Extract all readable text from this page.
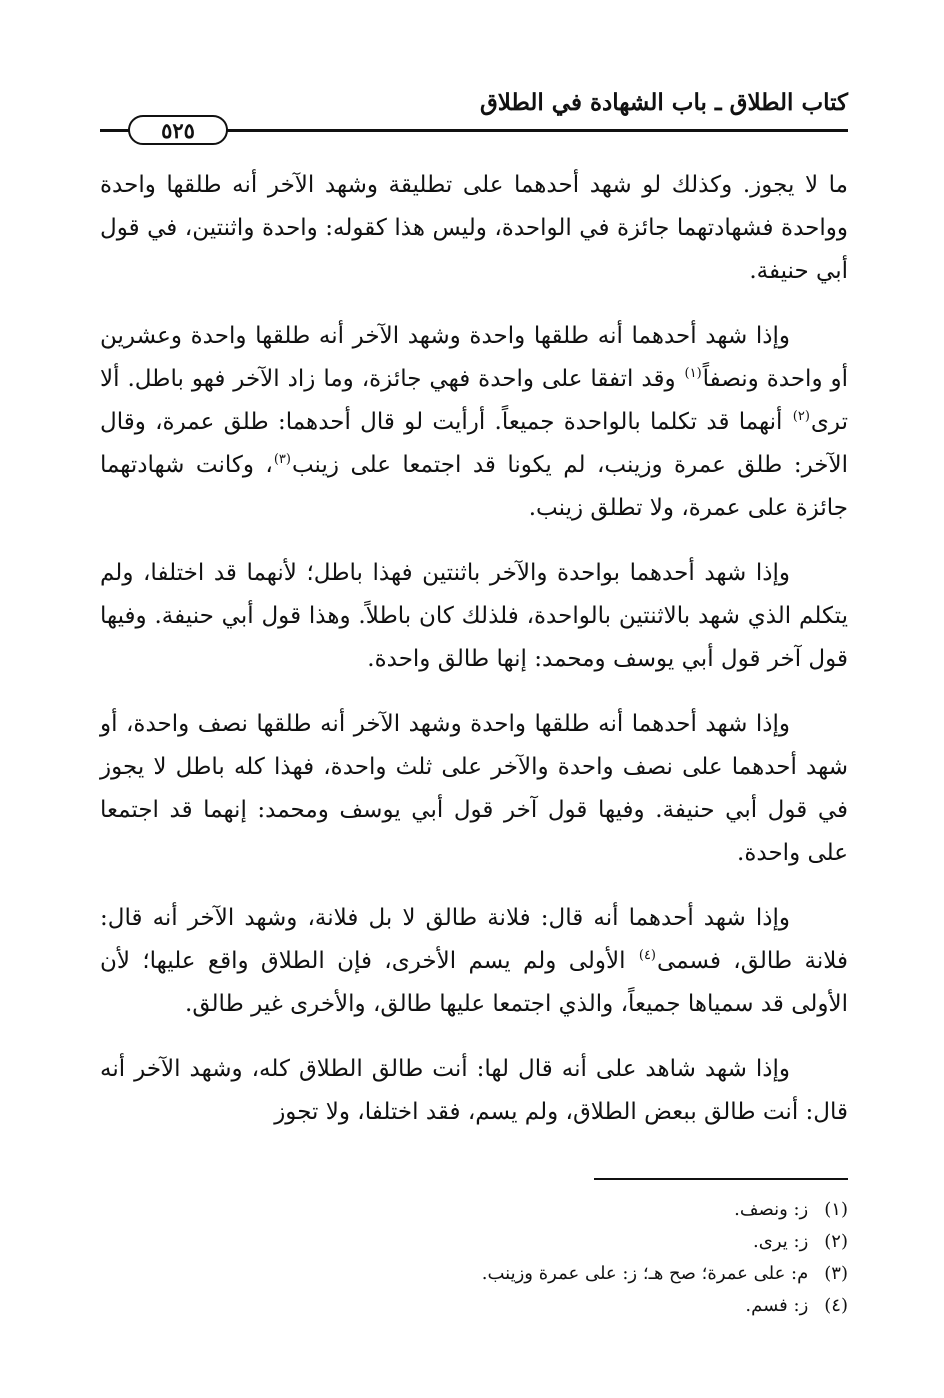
كتاب الطلاق ـ باب الشهادة في الطلاق
٥٢٥

ما لا يجوز. وكذلك لو شهد أحدهما على تطليقة وشهد الآخر أنه طلقها واحدة وواحدة فشهادتهما جائزة في الواحدة، وليس هذا كقوله: واحدة واثنتين، في قول أبي حنيفة.

وإذا شهد أحدهما أنه طلقها واحدة وشهد الآخر أنه طلقها واحدة وعشرين أو واحدة ونصفاً$^{(١)}$ وقد اتفقا على واحدة فهي جائزة، وما زاد الآخر فهو باطل. ألا ترى$^{(٢)}$ أنهما قد تكلما بالواحدة جميعاً. أرأيت لو قال أحدهما: طلق عمرة، وقال الآخر: طلق عمرة وزينب، لم يكونا قد اجتمعا على زينب$^{(٣)}$، وكانت شهادتهما جائزة على عمرة، ولا تطلق زينب.

وإذا شهد أحدهما بواحدة والآخر باثنتين فهذا باطل؛ لأنهما قد اختلفا، ولم يتكلم الذي شهد بالاثنتين بالواحدة، فلذلك كان باطلاً. وهذا قول أبي حنيفة. وفيها قول آخر قول أبي يوسف ومحمد: إنها طالق واحدة.

وإذا شهد أحدهما أنه طلقها واحدة وشهد الآخر أنه طلقها نصف واحدة، أو شهد أحدهما على نصف واحدة والآخر على ثلث واحدة، فهذا كله باطل لا يجوز في قول أبي حنيفة. وفيها قول آخر قول أبي يوسف ومحمد: إنهما قد اجتمعا على واحدة.

وإذا شهد أحدهما أنه قال: فلانة طالق لا بل فلانة، وشهد الآخر أنه قال: فلانة طالق، فسمى$^{(٤)}$ الأولى ولم يسم الأخرى، فإن الطلاق واقع عليها؛ لأن الأولى قد سمياها جميعاً، والذي اجتمعا عليها طالق، والأخرى غير طالق.

وإذا شهد شاهد على أنه قال لها: أنت طالق الطلاق كله، وشهد الآخر أنه قال: أنت طالق ببعض الطلاق، ولم يسم، فقد اختلفا، ولا تجوز

(١) ز: ونصف.
(٢) ز: يرى.
(٣) م: على عمرة؛ صح هـ؛ ز: على عمرة وزينب.
(٤) ز: فسم.
